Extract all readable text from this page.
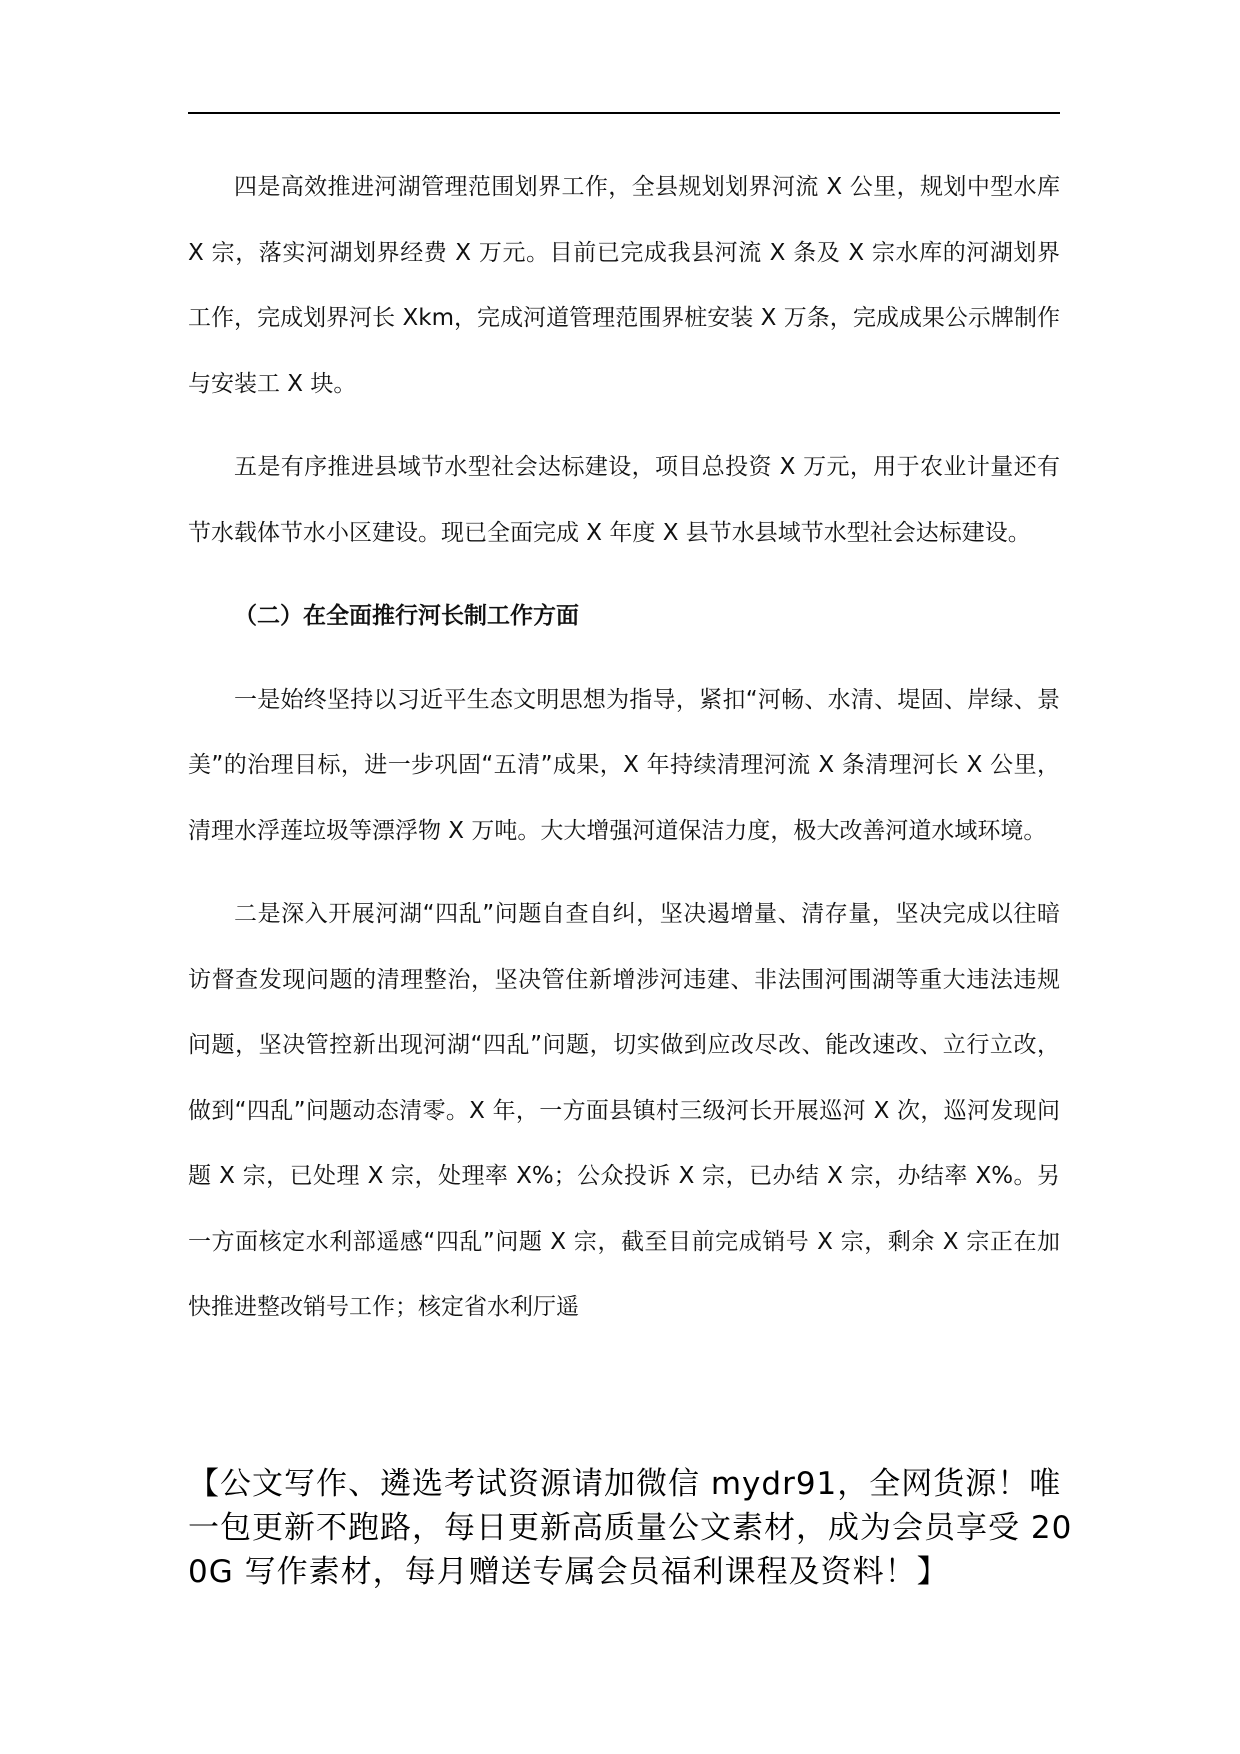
四是高效推进河湖管理范围划界工作，全县规划划界河流 X 公里，规划中型水库 X 宗，落实河湖划界经费 X 万元。目前已完成我县河流 X 条及 X 宗水库的河湖划界工作，完成划界河长 Xkm，完成河道管理范围界桩安装 X 万条，完成成果公示牌制作与安装工 X 块。

五是有序推进县域节水型社会达标建设，项目总投资 X 万元，用于农业计量还有节水载体节水小区建设。现已全面完成 X 年度 X 县节水县域节水型社会达标建设。

（二）在全面推行河长制工作方面

一是始终坚持以习近平生态文明思想为指导，紧扣“河畅、水清、堤固、岸绿、景美”的治理目标，进一步巩固“五清”成果，X 年持续清理河流 X 条清理河长 X 公里，清理水浮莲垃圾等漂浮物 X 万吨。大大增强河道保洁力度，极大改善河道水域环境。

二是深入开展河湖“四乱”问题自查自纠，坚决遏增量、清存量，坚决完成以往暗访督查发现问题的清理整治，坚决管住新增涉河违建、非法围河围湖等重大违法违规问题，坚决管控新出现河湖“四乱”问题，切实做到应改尽改、能改速改、立行立改，做到“四乱”问题动态清零。X 年，一方面县镇村三级河长开展巡河 X 次，巡河发现问题 X 宗，已处理 X 宗，处理率 X%；公众投诉 X 宗，已办结 X 宗，办结率 X%。另一方面核定水利部遥感“四乱”问题 X 宗，截至目前完成销号 X 宗，剩余 X 宗正在加快推进整改销号工作；核定省水利厅遥

【公文写作、遴选考试资源请加微信 mydr91，全网货源！唯一包更新不跑路，每日更新高质量公文素材，成为会员享受 200G 写作素材，每月赠送专属会员福利课程及资料！】
